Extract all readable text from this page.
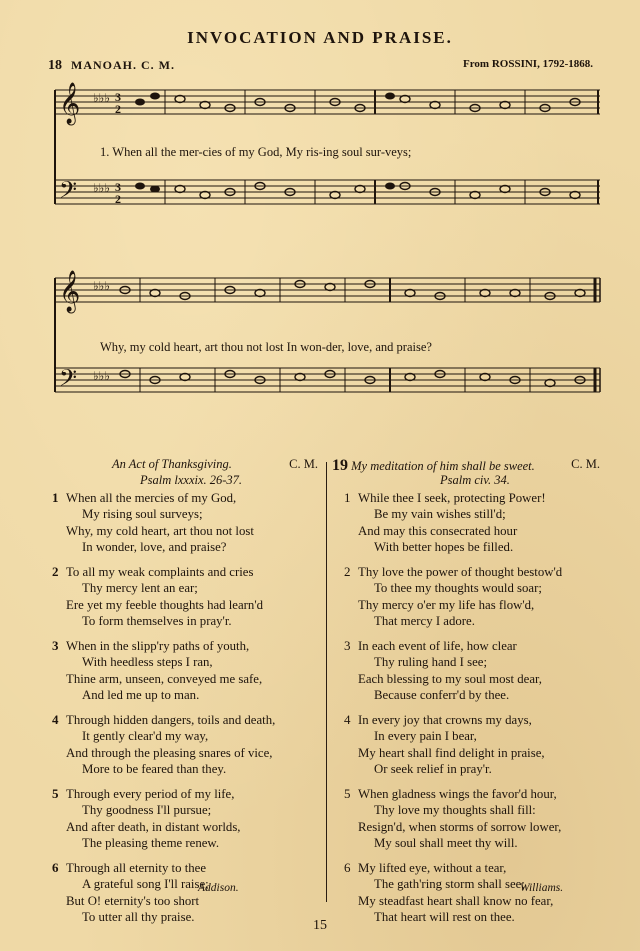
INVOCATION AND PRAISE.
18 MANOAH. C. M.	From ROSSINI, 1792-1868.
𝄞
𝄢
♭♭♭
♭♭♭
3
2
3
2
1. When all the mer-cies of my God, My ris-ing soul sur-veys;
𝄞
𝄢
♭♭♭
♭♭♭
Why, my cold heart, art thou not lost In won-der, love, and praise?
An Act of Thanksgiving.	C. M.
Psalm lxxxix. 26-37.
19 My meditation of him shall be sweet.	C. M.
Psalm civ. 34.
1 When all the mercies of my God,
My rising soul surveys;
Why, my cold heart, art thou not lost
In wonder, love, and praise?
2 To all my weak complaints and cries
Thy mercy lent an ear;
Ere yet my feeble thoughts had learn'd
To form themselves in pray'r.
3 When in the slipp'ry paths of youth,
With heedless steps I ran,
Thine arm, unseen, conveyed me safe,
And led me up to man.
4 Through hidden dangers, toils and death,
It gently clear'd my way,
And through the pleasing snares of vice,
More to be feared than they.
5 Through every period of my life,
Thy goodness I'll pursue;
And after death, in distant worlds,
The pleasing theme renew.
6 Through all eternity to thee
A grateful song I'll raise;
But O! eternity's too short
To utter all thy praise.
Addison.
1 While thee I seek, protecting Power!
Be my vain wishes still'd;
And may this consecrated hour
With better hopes be filled.
2 Thy love the power of thought bestow'd
To thee my thoughts would soar;
Thy mercy o'er my life has flow'd,
That mercy I adore.
3 In each event of life, how clear
Thy ruling hand I see;
Each blessing to my soul most dear,
Because conferr'd by thee.
4 In every joy that crowns my days,
In every pain I bear,
My heart shall find delight in praise,
Or seek relief in pray'r.
5 When gladness wings the favor'd hour,
Thy love my thoughts shall fill:
Resign'd, when storms of sorrow lower,
My soul shall meet thy will.
6 My lifted eye, without a tear,
The gath'ring storm shall see;
My steadfast heart shall know no fear,
That heart will rest on thee.
Williams.
15
